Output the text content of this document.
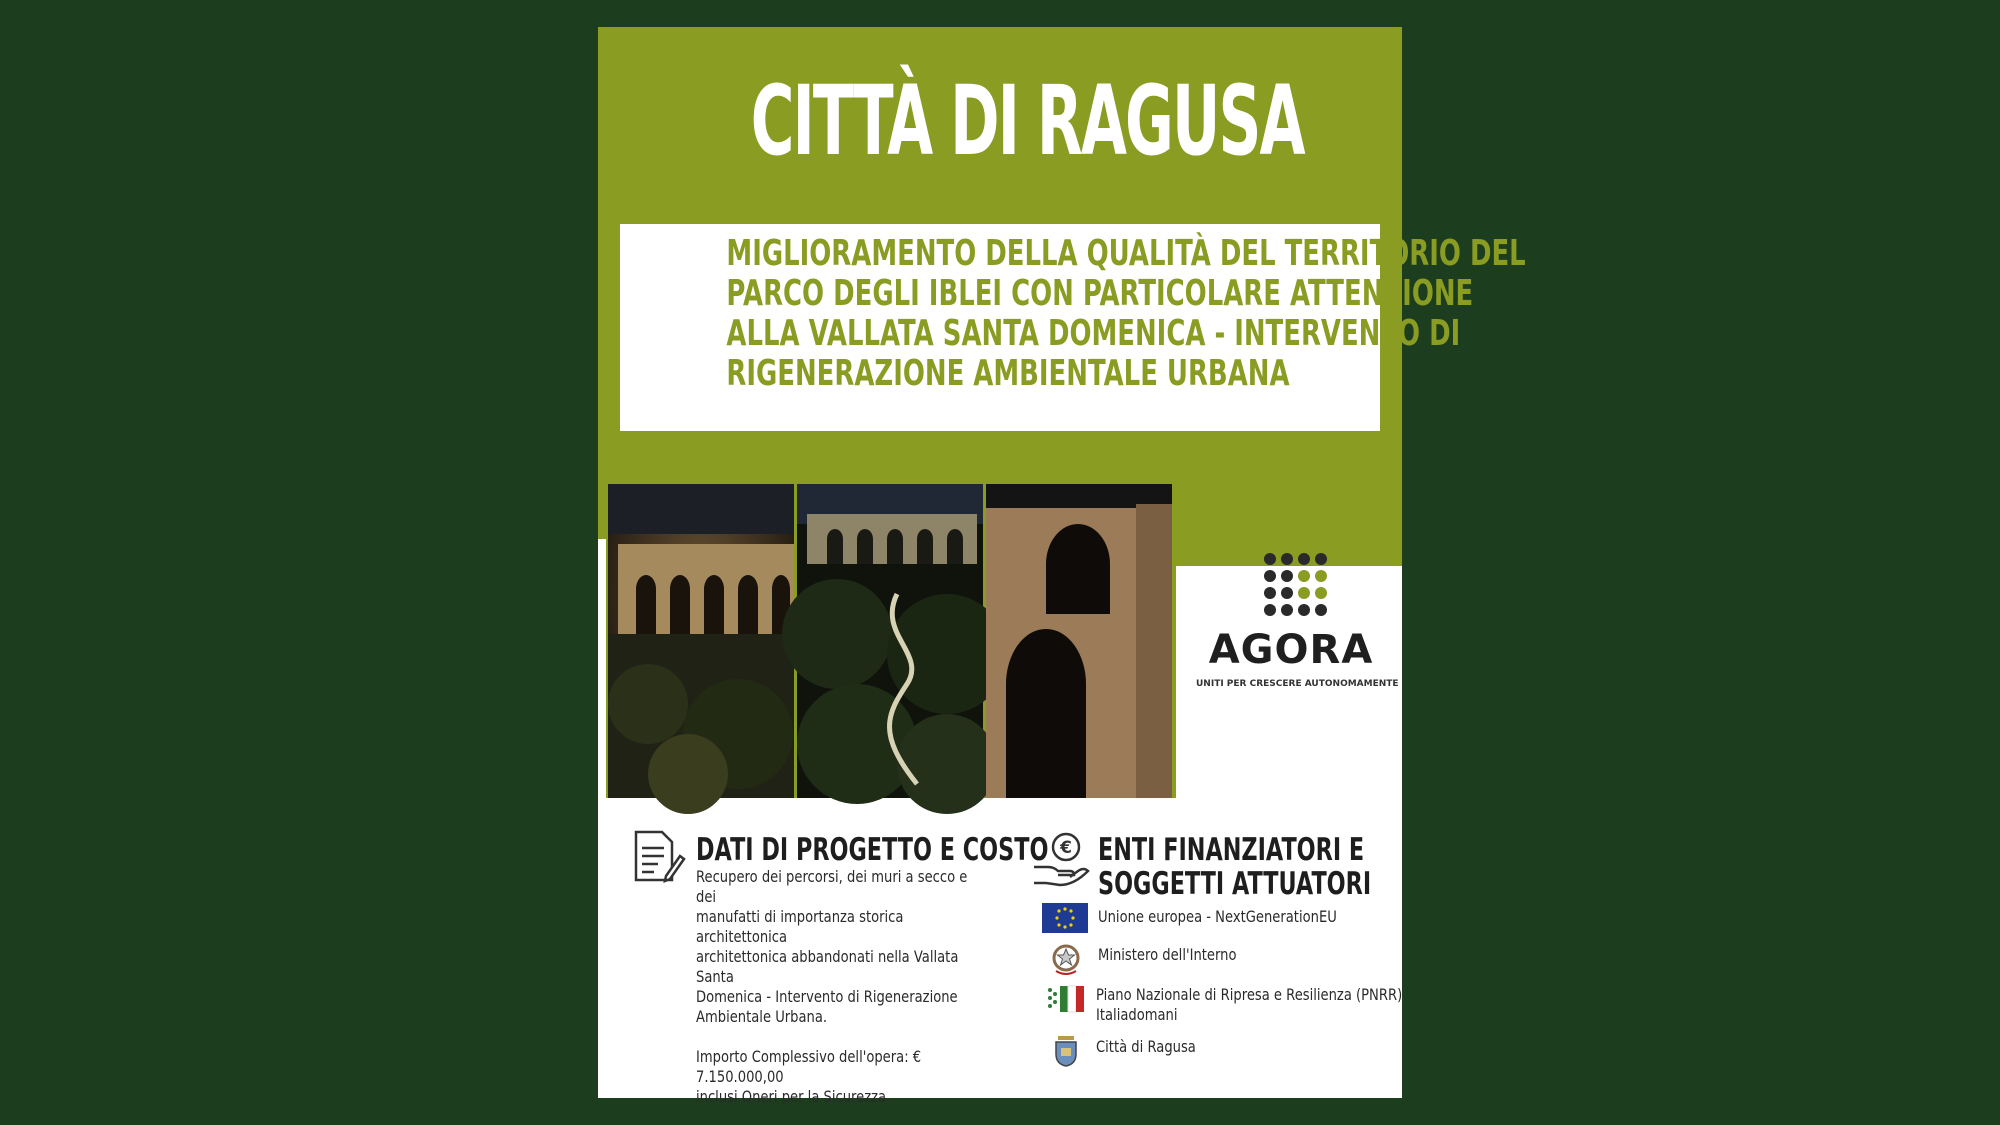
CITTÀ DI RAGUSA
MIGLIORAMENTO DELLA QUALITÀ DEL TERRITORIO DEL
PARCO DEGLI IBLEI CON PARTICOLARE ATTENZIONE
ALLA VALLATA SANTA DOMENICA - INTERVENTO DI
RIGENERAZIONE AMBIENTALE URBANA
AGORA
UNITI PER CRESCERE AUTONOMAMENTE
DATI DI PROGETTO E COSTO
Recupero dei percorsi, dei muri a secco e dei
manufatti di importanza storica architettonica
architettonica abbandonati nella Vallata Santa
Domenica - Intervento di Rigenerazione
Ambientale Urbana.
Importo Complessivo dell'opera: € 7.150.000,00
inclusi Oneri per la Sicurezza
€ ENTI FINANZIATORI E
SOGGETTI ATTUATORI
Unione europea - NextGenerationEU
Ministero dell'Interno
Piano Nazionale di Ripresa e Resilienza (PNRR)
Italiadomani
Città di Ragusa
